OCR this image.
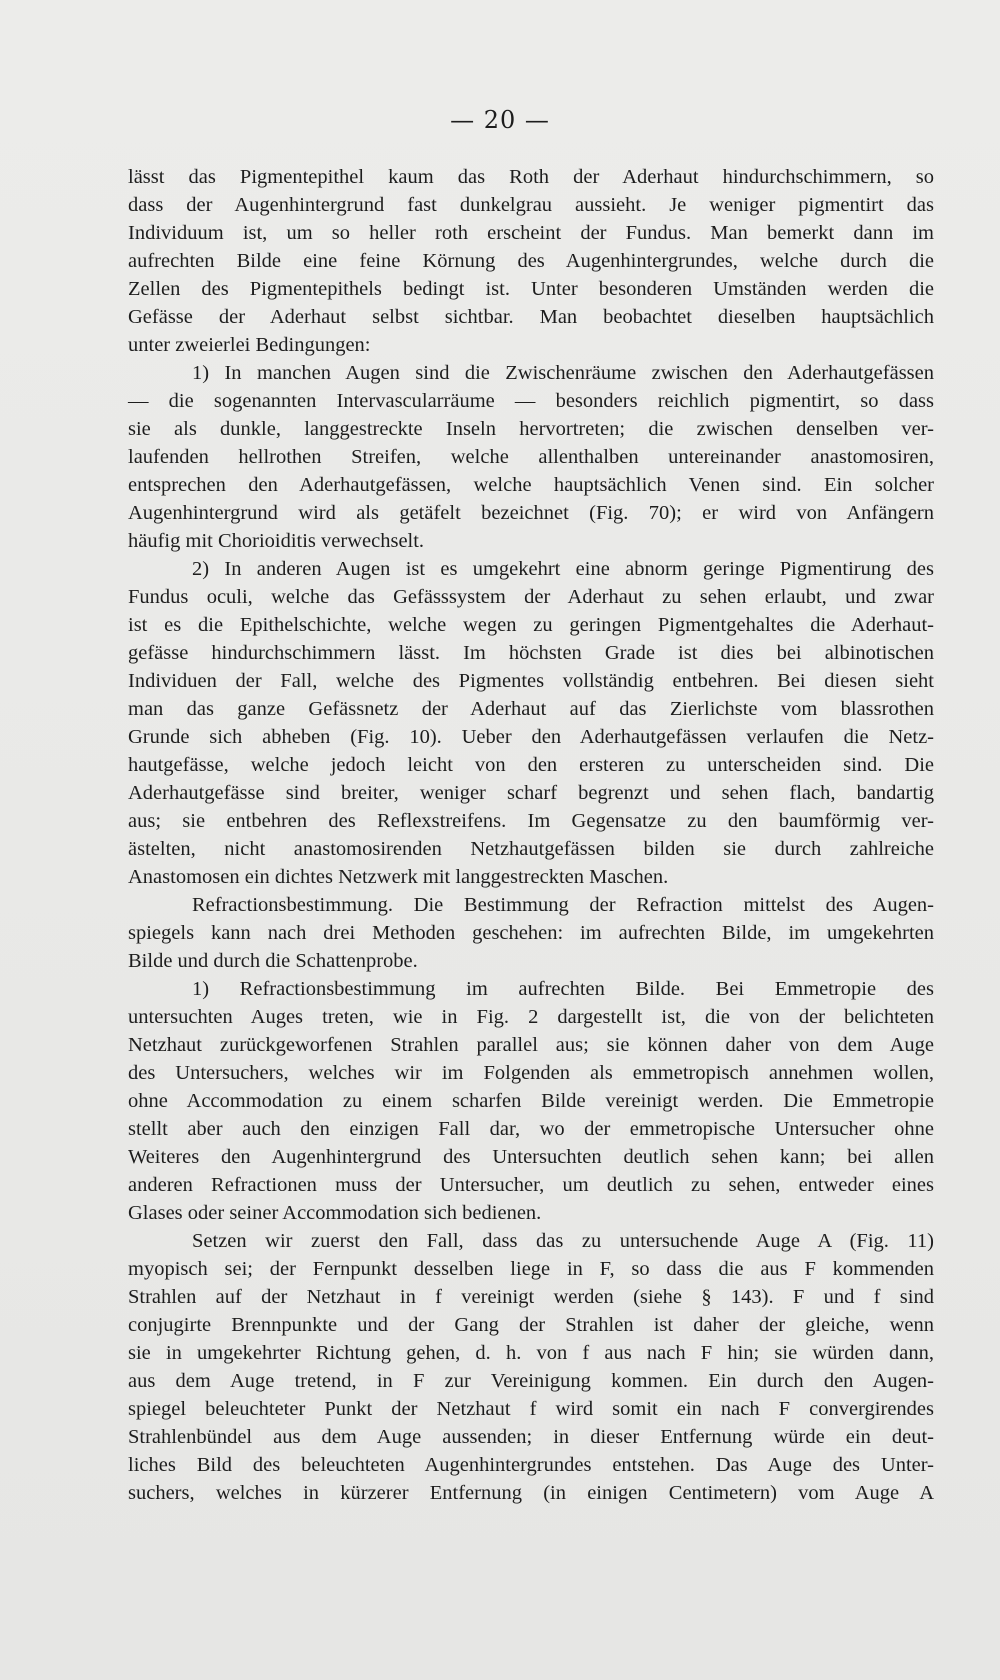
— 20 —
lässt das Pigmentepithel kaum das Roth der Aderhaut hindurchschimmern, so
dass der Augenhintergrund fast dunkelgrau aussieht. Je weniger pigmentirt das
Individuum ist, um so heller roth erscheint der Fundus. Man bemerkt dann im
aufrechten Bilde eine feine Körnung des Augenhintergrundes, welche durch die
Zellen des Pigmentepithels bedingt ist. Unter besonderen Umständen werden die
Gefässe der Aderhaut selbst sichtbar. Man beobachtet dieselben hauptsächlich
unter zweierlei Bedingungen:
1) In manchen Augen sind die Zwischenräume zwischen den Aderhautgefässen
— die sogenannten Intervascularräume — besonders reichlich pigmentirt, so dass
sie als dunkle, langgestreckte Inseln hervortreten; die zwischen denselben ver-
laufenden hellrothen Streifen, welche allenthalben untereinander anastomosiren,
entsprechen den Aderhautgefässen, welche hauptsächlich Venen sind. Ein solcher
Augenhintergrund wird als getäfelt bezeichnet (Fig. 70); er wird von Anfängern
häufig mit Chorioiditis verwechselt.
2) In anderen Augen ist es umgekehrt eine abnorm geringe Pigmentirung des
Fundus oculi, welche das Gefässsystem der Aderhaut zu sehen erlaubt, und zwar
ist es die Epithelschichte, welche wegen zu geringen Pigmentgehaltes die Aderhaut-
gefässe hindurchschimmern lässt. Im höchsten Grade ist dies bei albinotischen
Individuen der Fall, welche des Pigmentes vollständig entbehren. Bei diesen sieht
man das ganze Gefässnetz der Aderhaut auf das Zierlichste vom blassrothen
Grunde sich abheben (Fig. 10). Ueber den Aderhautgefässen verlaufen die Netz-
hautgefässe, welche jedoch leicht von den ersteren zu unterscheiden sind. Die
Aderhautgefässe sind breiter, weniger scharf begrenzt und sehen flach, bandartig
aus; sie entbehren des Reflexstreifens. Im Gegensatze zu den baumförmig ver-
ästelten, nicht anastomosirenden Netzhautgefässen bilden sie durch zahlreiche
Anastomosen ein dichtes Netzwerk mit langgestreckten Maschen.
Refractionsbestimmung. Die Bestimmung der Refraction mittelst des Augen-
spiegels kann nach drei Methoden geschehen: im aufrechten Bilde, im umgekehrten
Bilde und durch die Schattenprobe.
1) Refractionsbestimmung im aufrechten Bilde. Bei Emmetropie des
untersuchten Auges treten, wie in Fig. 2 dargestellt ist, die von der belichteten
Netzhaut zurückgeworfenen Strahlen parallel aus; sie können daher von dem Auge
des Untersuchers, welches wir im Folgenden als emmetropisch annehmen wollen,
ohne Accommodation zu einem scharfen Bilde vereinigt werden. Die Emmetropie
stellt aber auch den einzigen Fall dar, wo der emmetropische Untersucher ohne
Weiteres den Augenhintergrund des Untersuchten deutlich sehen kann; bei allen
anderen Refractionen muss der Untersucher, um deutlich zu sehen, entweder eines
Glases oder seiner Accommodation sich bedienen.
Setzen wir zuerst den Fall, dass das zu untersuchende Auge A (Fig. 11)
myopisch sei; der Fernpunkt desselben liege in F, so dass die aus F kommenden
Strahlen auf der Netzhaut in f vereinigt werden (siehe § 143). F und f sind
conjugirte Brennpunkte und der Gang der Strahlen ist daher der gleiche, wenn
sie in umgekehrter Richtung gehen, d. h. von f aus nach F hin; sie würden dann,
aus dem Auge tretend, in F zur Vereinigung kommen. Ein durch den Augen-
spiegel beleuchteter Punkt der Netzhaut f wird somit ein nach F convergirendes
Strahlenbündel aus dem Auge aussenden; in dieser Entfernung würde ein deut-
liches Bild des beleuchteten Augenhintergrundes entstehen. Das Auge des Unter-
suchers, welches in kürzerer Entfernung (in einigen Centimetern) vom Auge A
